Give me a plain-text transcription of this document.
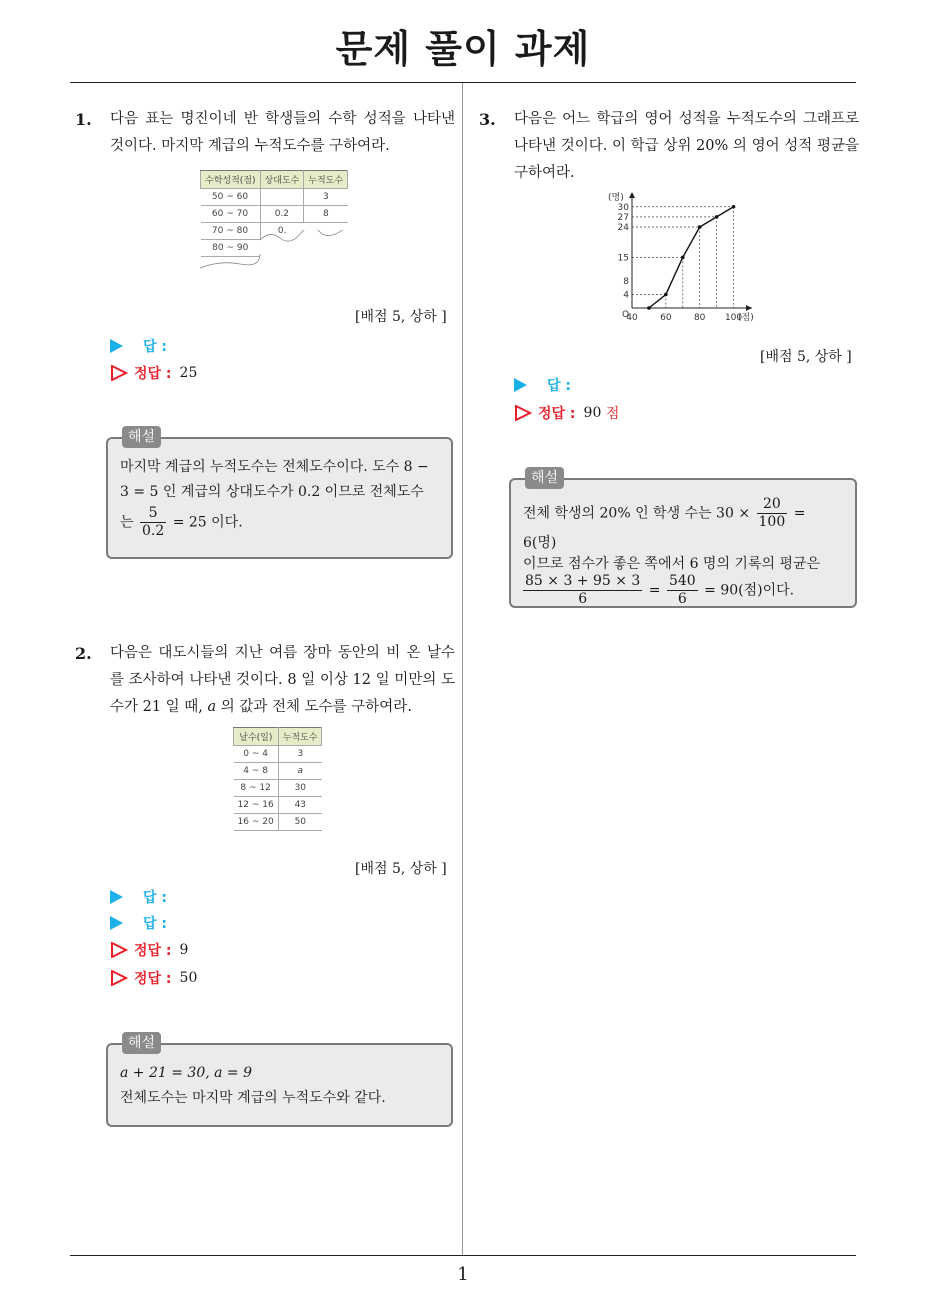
문제 풀이 과제
1. 다음 표는 명진이네 반 학생들의 수학 성적을 나타낸 것이다. 마지막 계급의 누적도수를 구하여라.
수학성적(점)	상대도수	누적도수
50 ~ 60		3
60 ~ 70	0.2	8
70 ~ 80	0.	
80 ~ 90		
[배점 5, 상하 ]
답 :
정답 : 25
해설
마지막 계급의 누적도수는 전체도수이다. 도수 8 −
3 = 5 인 계급의 상대도수가 0.2 이므로 전체도수
는 $\frac{5}{0.2} = 25$ 이다.
2. 다음은 대도시들의 지난 여름 장마 동안의 비 온 날수를 조사하여 나타낸 것이다. 8 일 이상 12 일 미만의 도수가 21 일 때, a 의 값과 전체 도수를 구하여라.
날수(일)	누적도수
0 ~ 4	3
4 ~ 8	a
8 ~ 12	30
12 ~ 16	43
16 ~ 20	50
[배점 5, 상하 ]
답 :
답 :
정답 : 9
정답 : 50
해설
a + 21 = 30, a = 9
전체도수는 마지막 계급의 누적도수와 같다.
3. 다음은 어느 학급의 영어 성적을 누적도수의 그래프로 나타낸 것이다. 이 학급 상위 20% 의 영어 성적 평균을 구하여라.
(명)
(점)
O
40 60 80 100
4
8
15
24
27
30
[배점 5, 상하 ]
답 :
정답 : 90
점
해설
전체 학생의 20% 인 학생 수는 $30 \times \frac{20}{100} = 6$(명)
이므로 점수가 좋은 쪽에서 6 명의 기록의 평균은
$\frac{85 \times 3 + 95 \times 3}{6} = \frac{540}{6} = 90$(점)이다.
1
